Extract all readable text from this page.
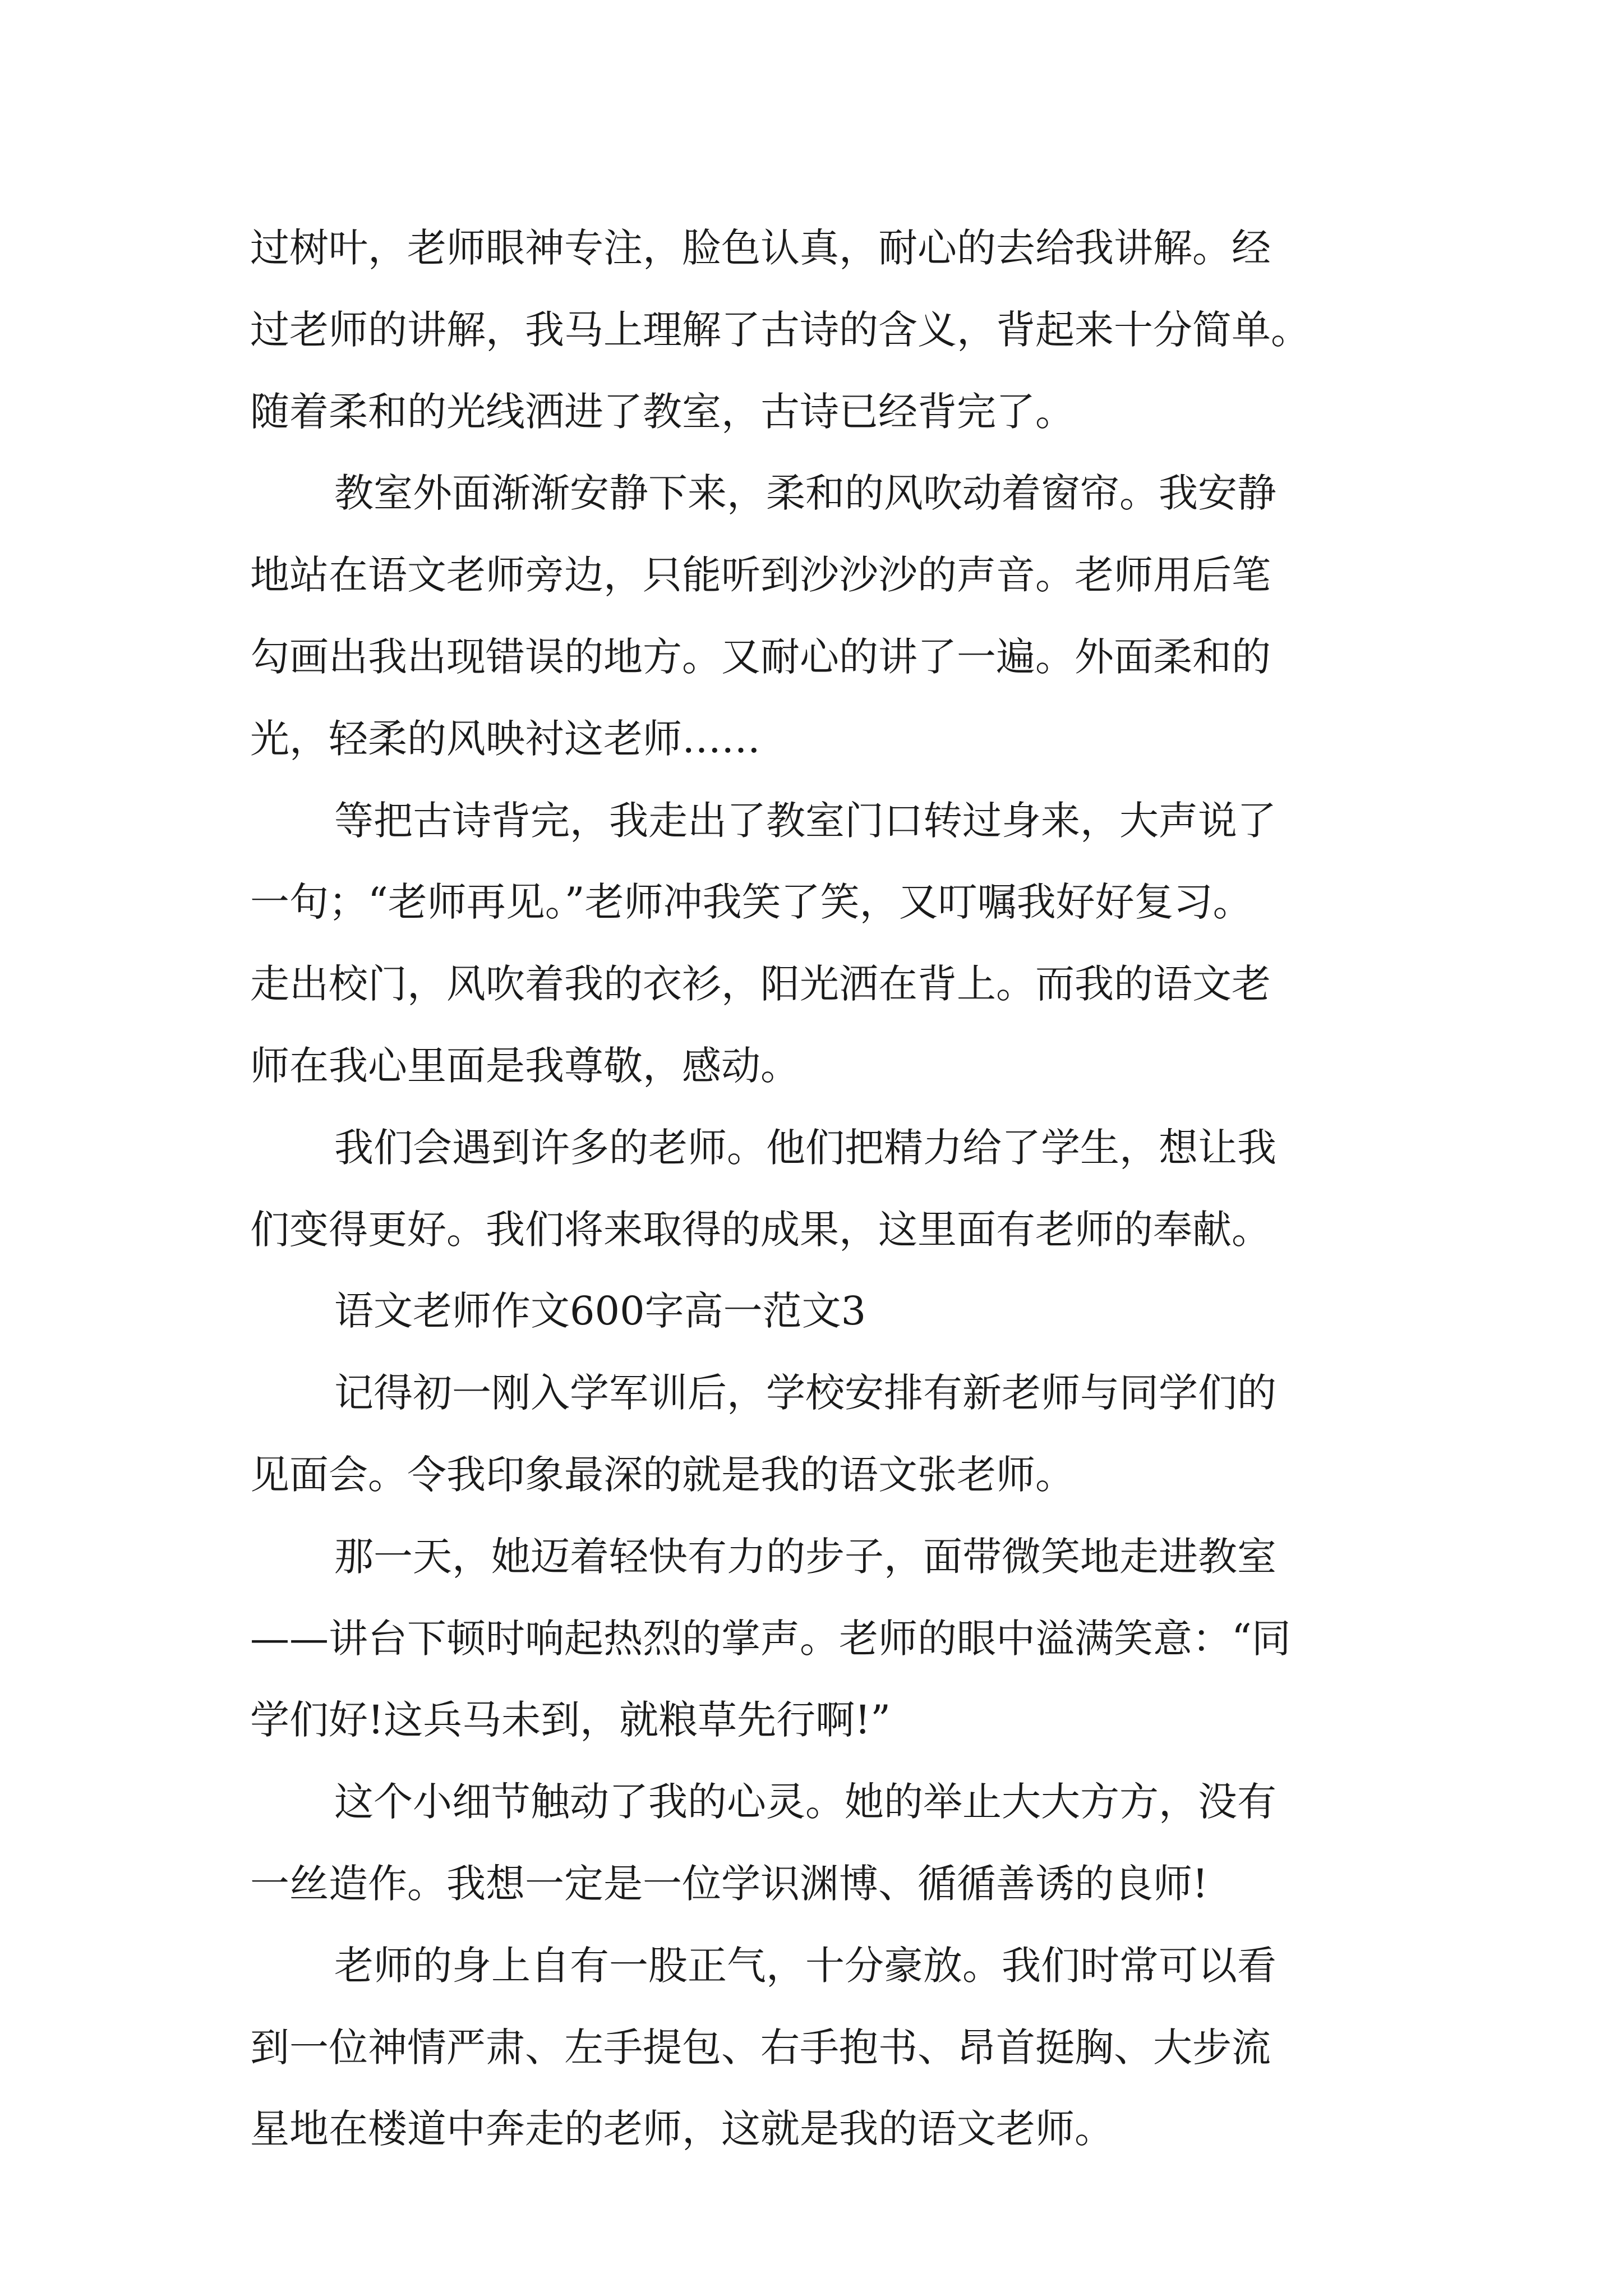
过树叶，老师眼神专注，脸色认真，耐心的去给我讲解。经
过老师的讲解，我马上理解了古诗的含义，背起来十分简单。
随着柔和的光线洒进了教室，古诗已经背完了。
教室外面渐渐安静下来，柔和的风吹动着窗帘。我安静
地站在语文老师旁边，只能听到沙沙沙的声音。老师用后笔
勾画出我出现错误的地方。又耐心的讲了一遍。外面柔和的
光，轻柔的风映衬这老师……
等把古诗背完，我走出了教室门口转过身来，大声说了
一句；“老师再见。”老师冲我笑了笑，又叮嘱我好好复习。
走出校门，风吹着我的衣衫，阳光洒在背上。而我的语文老
师在我心里面是我尊敬，感动。
我们会遇到许多的老师。他们把精力给了学生，想让我
们变得更好。我们将来取得的成果，这里面有老师的奉献。
语文老师作文600字高一范文3
记得初一刚入学军训后，学校安排有新老师与同学们的
见面会。令我印象最深的就是我的语文张老师。
那一天，她迈着轻快有力的步子，面带微笑地走进教室
——讲台下顿时响起热烈的掌声。老师的眼中溢满笑意：“同
学们好!这兵马未到，就粮草先行啊!”
这个小细节触动了我的心灵。她的举止大大方方，没有
一丝造作。我想一定是一位学识渊博、循循善诱的良师!
老师的身上自有一股正气，十分豪放。我们时常可以看
到一位神情严肃、左手提包、右手抱书、昂首挺胸、大步流
星地在楼道中奔走的老师，这就是我的语文老师。
